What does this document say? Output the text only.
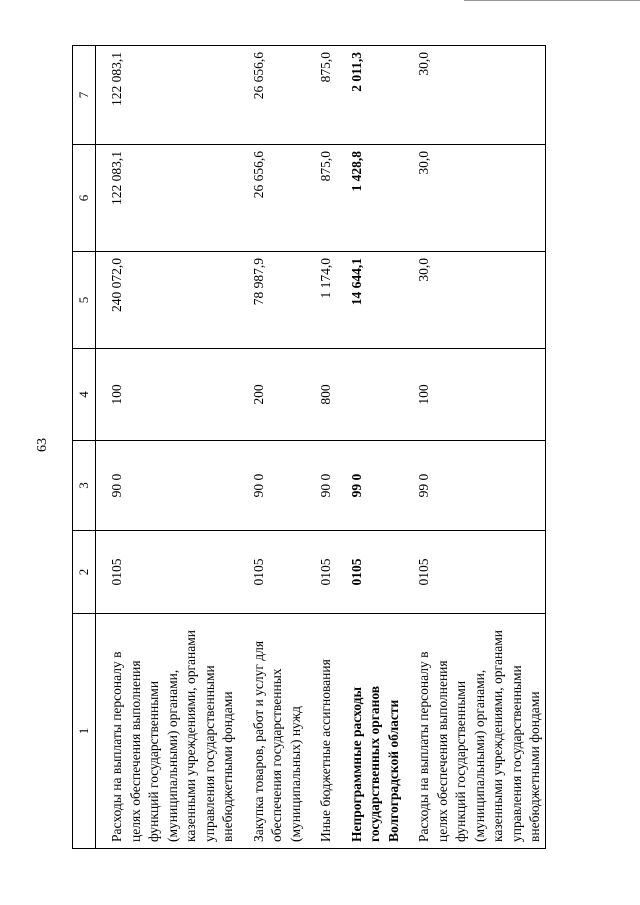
63
1	2	3	4	5	6	7
Расходы на выплаты персоналу в целях обеспечения выполнения функций государственными (муниципальными) органами, казенными учреждениями, органами управления государственными внебюджетными фондами	0105	90 0	100	240 072,0	122 083,1	122 083,1
Закупка товаров, работ и услуг для обеспечения государственных (муниципальных) нужд	0105	90 0	200	78 987,9	26 656,6	26 656,6
Иные бюджетные ассигнования	0105	90 0	800	1 174,0	875,0	875,0
Непрограммные расходы государственных органов Волгоградской области	0105	99 0		14 644,1	1 428,8	2 011,3
Расходы на выплаты персоналу в целях обеспечения выполнения функций государственными (муниципальными) органами, казенными учреждениями, органами управления государственными внебюджетными фондами	0105	99 0	100	30,0	30,0	30,0
